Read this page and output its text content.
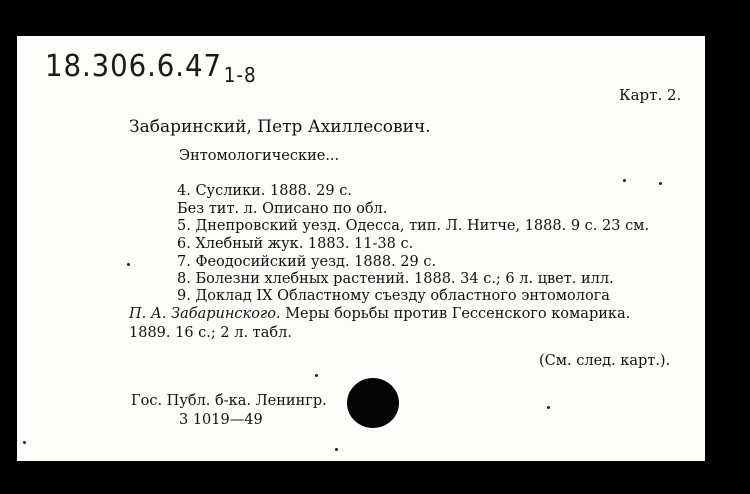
$18.306.6.47_{1-8}$
Карт. 2.
Забаринский, Петр Ахиллесович.
Энтомологические...
4. Суслики. 1888. 29 с.
Без тит. л. Описано по обл.
5. Днепровский уезд. Одесса, тип. Л. Нитче, 1888. 9 с. 23 см.
6. Хлебный жук. 1883. 11-38 с.
7. Феодосийский уезд. 1888. 29 с.
8. Болезни хлебных растений. 1888. 34 с.; 6 л. цвет. илл.
9. Доклад IX Областному съезду областного энтомолога
П. А. Забаринского. Меры борьбы против Гессенского комарика.
1889. 16 с.; 2 л. табл.
(См. след. карт.).
Гос. Публ. б-ка. Ленингр.
3 1019—49
